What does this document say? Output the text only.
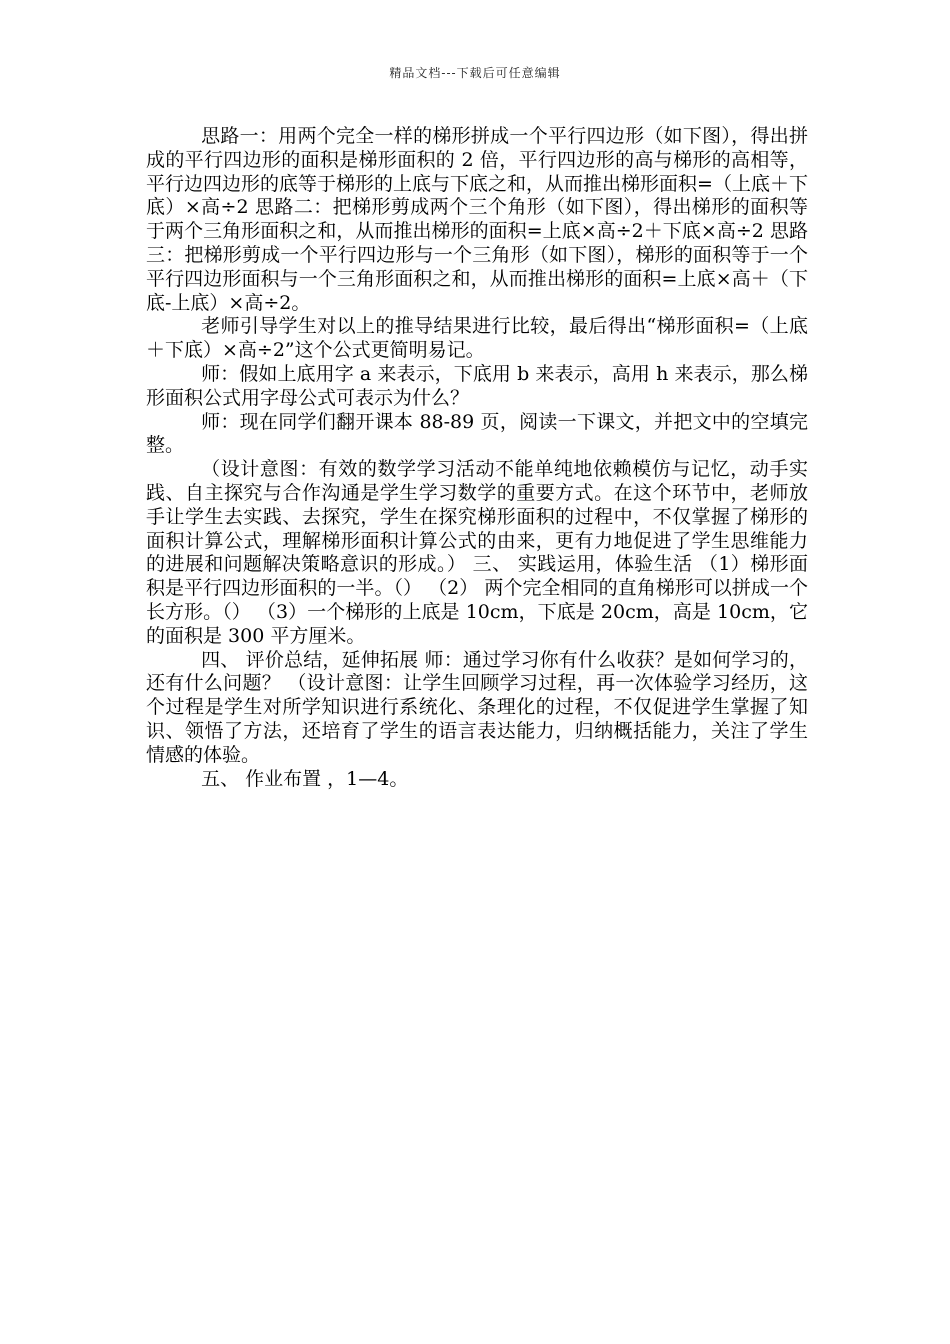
精品文档---下载后可任意编辑

思路一：用两个完全一样的梯形拼成一个平行四边形（如下图），得出拼成的平行四边形的面积是梯形面积的 2 倍，平行四边形的高与梯形的高相等，平行边四边形的底等于梯形的上底与下底之和，从而推出梯形面积=（上底＋下底）×高÷2 思路二：把梯形剪成两个三个角形（如下图），得出梯形的面积等于两个三角形面积之和，从而推出梯形的面积=上底×高÷2＋下底×高÷2 思路三：把梯形剪成一个平行四边形与一个三角形（如下图），梯形的面积等于一个平行四边形面积与一个三角形面积之和，从而推出梯形的面积=上底×高＋（下底-上底）×高÷2。

老师引导学生对以上的推导结果进行比较，最后得出“梯形面积=（上底＋下底）×高÷2”这个公式更简明易记。

师：假如上底用字 a 来表示，下底用 b 来表示，高用 h 来表示，那么梯形面积公式用字母公式可表示为什么？

师：现在同学们翻开课本 88-89 页，阅读一下课文，并把文中的空填完整。

（设计意图：有效的数学学习活动不能单纯地依赖模仿与记忆，动手实践、自主探究与合作沟通是学生学习数学的重要方式。在这个环节中，老师放手让学生去实践、去探究，学生在探究梯形面积的过程中，不仅掌握了梯形的面积计算公式，理解梯形面积计算公式的由来，更有力地促进了学生思维能力的进展和问题解决策略意识的形成。） 三、 实践运用，体验生活 （1）梯形面积是平行四边形面积的一半。（） （2） 两个完全相同的直角梯形可以拼成一个长方形。（） （3）一个梯形的上底是 10cm，下底是 20cm，高是 10cm，它的面积是 300 平方厘米。

四、 评价总结，延伸拓展 师：通过学习你有什么收获？是如何学习的，还有什么问题？ （设计意图：让学生回顾学习过程，再一次体验学习经历，这个过程是学生对所学知识进行系统化、条理化的过程，不仅促进学生掌握了知识、领悟了方法，还培育了学生的语言表达能力，归纳概括能力，关注了学生情感的体验。

五、 作业布置 ，1—4。
